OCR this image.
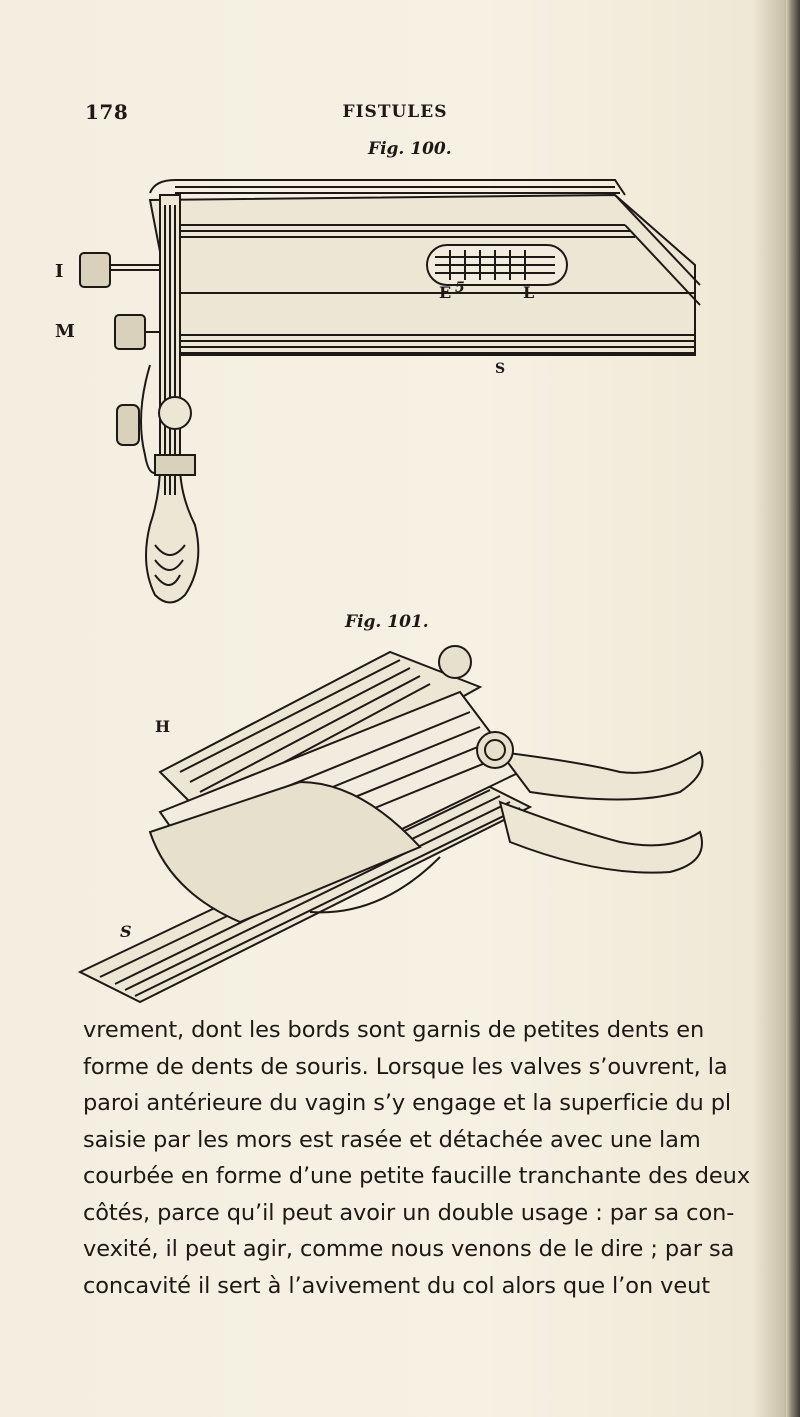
178	FISTULES
Fig. 100.
I
M
E 5	L
S
Fig. 101.
H
S
vrement, dont les bords sont garnis de petites dents en
forme de dents de souris. Lorsque les valves s’ouvrent, la
paroi antérieure du vagin s’y engage et la superficie du pl
saisie par les mors est rasée et détachée avec une lam
courbée en forme d’une petite faucille tranchante des deux
côtés, parce qu’il peut avoir un double usage : par sa con-
vexité, il peut agir, comme nous venons de le dire ; par sa
concavité il sert à l’avivement du col alors que l’on veut
